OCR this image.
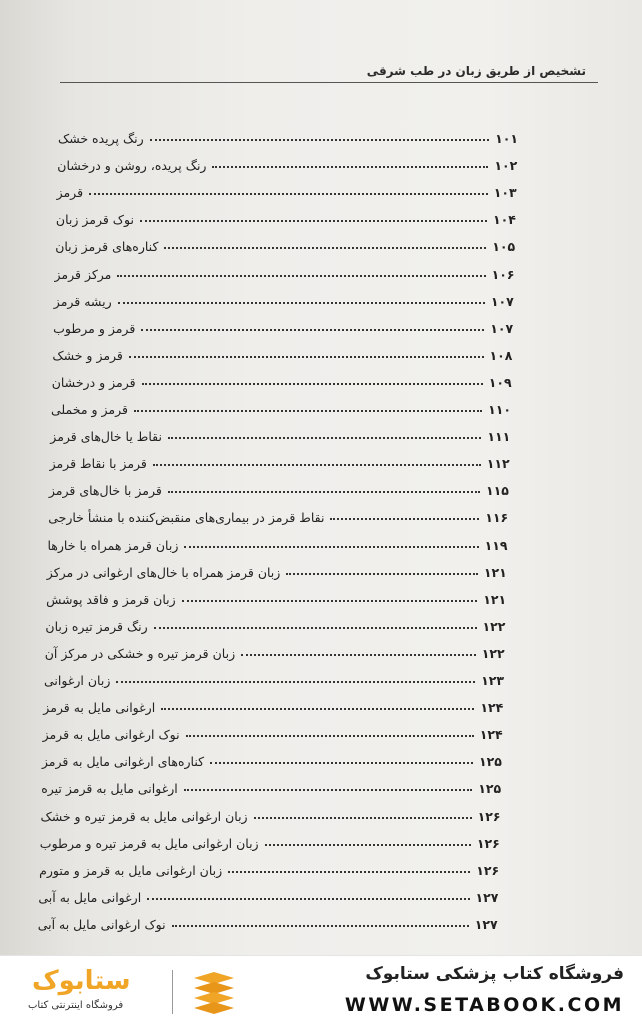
تشخیص از طریق زبان در طب شرقی
رنگ پریده خشک	۱۰۱
رنگ پریده، روشن و درخشان	۱۰۲
قرمز	۱۰۳
نوک قرمز زبان	۱۰۴
کناره‌های قرمز زبان	۱۰۵
مرکز قرمز	۱۰۶
ریشه قرمز	۱۰۷
قرمز و مرطوب	۱۰۷
قرمز و خشک	۱۰۸
قرمز و درخشان	۱۰۹
قرمز و مخملی	۱۱۰
نقاط یا خال‌های قرمز	۱۱۱
قرمز با نقاط قرمز	۱۱۲
قرمز با خال‌های قرمز	۱۱۵
نقاط قرمز در بیماری‌های منقبض‌کننده با منشأ خارجی	۱۱۶
زبان قرمز همراه با خارها	۱۱۹
زبان قرمز همراه با خال‌های ارغوانی در مرکز	۱۲۱
زبان قرمز و فاقد پوشش	۱۲۱
رنگ قرمز تیره زبان	۱۲۲
زبان قرمز تیره و خشکی در مرکز آن	۱۲۲
زبان ارغوانی	۱۲۳
ارغوانی مایل به قرمز	۱۲۴
نوک ارغوانی مایل به قرمز	۱۲۴
کناره‌های ارغوانی مایل به قرمز	۱۲۵
ارغوانی مایل به قرمز تیره	۱۲۵
زبان ارغوانی مایل به قرمز تیره و خشک	۱۲۶
زبان ارغوانی مایل به قرمز تیره و مرطوب	۱۲۶
زبان ارغوانی مایل به قرمز و متورم	۱۲۶
ارغوانی مایل به آبی	۱۲۷
نوک ارغوانی مایل به آبی	۱۲۷
ستابوک
فروشگاه اینترنتی کتاب
فروشگاه کتاب پزشکی ستابوک
WWW.SETABOOK.COM
